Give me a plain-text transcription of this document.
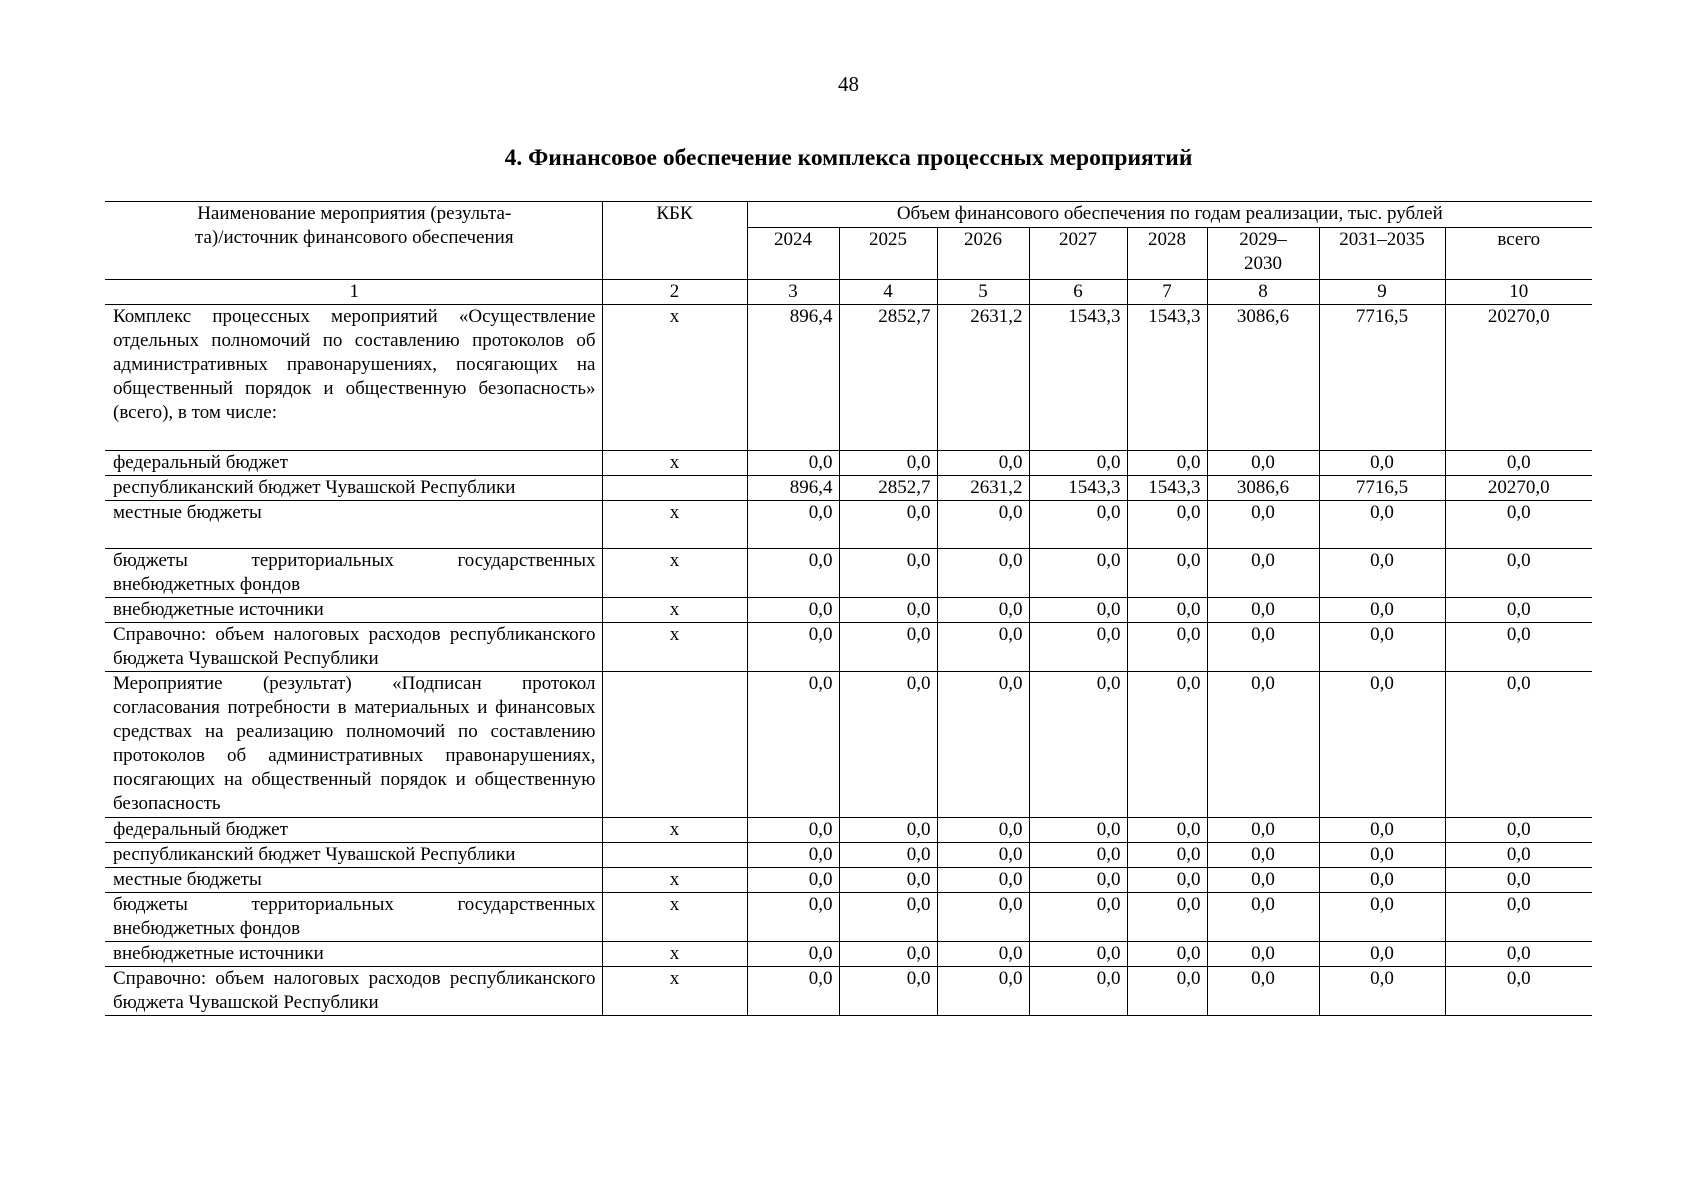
48
4. Финансовое обеспечение комплекса процессных мероприятий
Наименование мероприятия (результа-
та)/источник финансового обеспечения	КБК	Объем финансового обеспечения по годам реализации, тыс. рублей							
		2024	2025	2026	2027	2028	2029–
2030	2031–2035	всего
1	2	3	4	5	6	7	8	9	10
Комплекс процессных мероприятий «Осуществление отдельных полномочий по составлению протоколов об административных правонарушениях, посягающих на общественный порядок и общественную безопасность» (всего), в том числе:	х	896,4	2852,7	2631,2	1543,3	1543,3	3086,6	7716,5	20270,0
федеральный бюджет	х	0,0	0,0	0,0	0,0	0,0	0,0	0,0	0,0
республиканский бюджет Чувашской Республики		896,4	2852,7	2631,2	1543,3	1543,3	3086,6	7716,5	20270,0
местные бюджеты	х	0,0	0,0	0,0	0,0	0,0	0,0	0,0	0,0
бюджеты территориальных государственных внебюджетных фондов	х	0,0	0,0	0,0	0,0	0,0	0,0	0,0	0,0
внебюджетные источники	х	0,0	0,0	0,0	0,0	0,0	0,0	0,0	0,0
Справочно: объем налоговых расходов республиканского бюджета Чувашской Республики	х	0,0	0,0	0,0	0,0	0,0	0,0	0,0	0,0
Мероприятие (результат) «Подписан протокол согласования потребности в материальных и финансовых средствах на реализацию полномочий по составлению протоколов об административных правонарушениях, посягающих на общественный порядок и общественную безопасность		0,0	0,0	0,0	0,0	0,0	0,0	0,0	0,0
федеральный бюджет	х	0,0	0,0	0,0	0,0	0,0	0,0	0,0	0,0
республиканский бюджет Чувашской Республики		0,0	0,0	0,0	0,0	0,0	0,0	0,0	0,0
местные бюджеты	х	0,0	0,0	0,0	0,0	0,0	0,0	0,0	0,0
бюджеты территориальных государственных внебюджетных фондов	х	0,0	0,0	0,0	0,0	0,0	0,0	0,0	0,0
внебюджетные источники	х	0,0	0,0	0,0	0,0	0,0	0,0	0,0	0,0
Справочно: объем налоговых расходов республиканского бюджета Чувашской Республики	х	0,0	0,0	0,0	0,0	0,0	0,0	0,0	0,0
